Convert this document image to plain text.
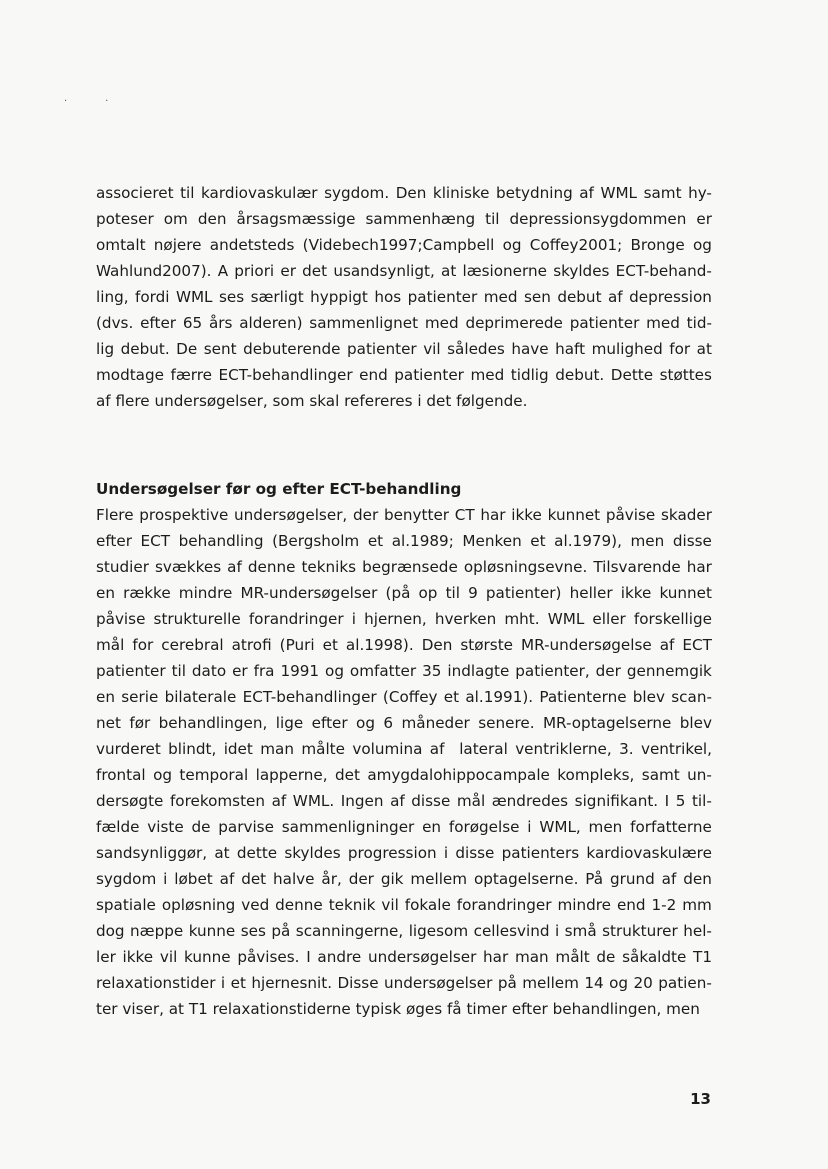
··
associeret til kardiovaskulær sygdom. Den kliniske betydning af WML samt hy-
poteser om den årsagsmæssige sammenhæng til depressionsygdommen er
omtalt nøjere andetsteds (Videbech1997;Campbell og Coffey2001; Bronge og
Wahlund2007). A priori er det usandsynligt, at læsionerne skyldes ECT-behand-
ling, fordi WML ses særligt hyppigt hos patienter med sen debut af depression
(dvs. efter 65 års alderen) sammenlignet med deprimerede patienter med tid-
lig debut. De sent debuterende patienter vil således have haft mulighed for at
modtage færre ECT-behandlinger end patienter med tidlig debut. Dette støttes
af flere undersøgelser, som skal refereres i det følgende.
Undersøgelser før og efter ECT-behandling
Flere prospektive undersøgelser, der benytter CT har ikke kunnet påvise skader
efter ECT behandling (Bergsholm et al.1989; Menken et al.1979), men disse
studier svækkes af denne tekniks begrænsede opløsningsevne. Tilsvarende har
en række mindre MR-undersøgelser (på op til 9 patienter) heller ikke kunnet
påvise strukturelle forandringer i hjernen, hverken mht. WML eller forskellige
mål for cerebral atrofi (Puri et al.1998). Den største MR-undersøgelse af ECT
patienter til dato er fra 1991 og omfatter 35 indlagte patienter, der gennemgik
en serie bilaterale ECT-behandlinger (Coffey et al.1991). Patienterne blev scan-
net før behandlingen, lige efter og 6 måneder senere. MR-optagelserne blev
vurderet blindt, idet man målte volumina af lateral ventriklerne, 3. ventrikel,
frontal og temporal lapperne, det amygdalohippocampale kompleks, samt un-
dersøgte forekomsten af WML. Ingen af disse mål ændredes signifikant. I 5 til-
fælde viste de parvise sammenligninger en forøgelse i WML, men forfatterne
sandsynliggør, at dette skyldes progression i disse patienters kardiovaskulære
sygdom i løbet af det halve år, der gik mellem optagelserne. På grund af den
spatiale opløsning ved denne teknik vil fokale forandringer mindre end 1-2 mm
dog næppe kunne ses på scanningerne, ligesom cellesvind i små strukturer hel-
ler ikke vil kunne påvises. I andre undersøgelser har man målt de såkaldte T1
relaxationstider i et hjernesnit. Disse undersøgelser på mellem 14 og 20 patien-
ter viser, at T1 relaxationstiderne typisk øges få timer efter behandlingen, men
13
